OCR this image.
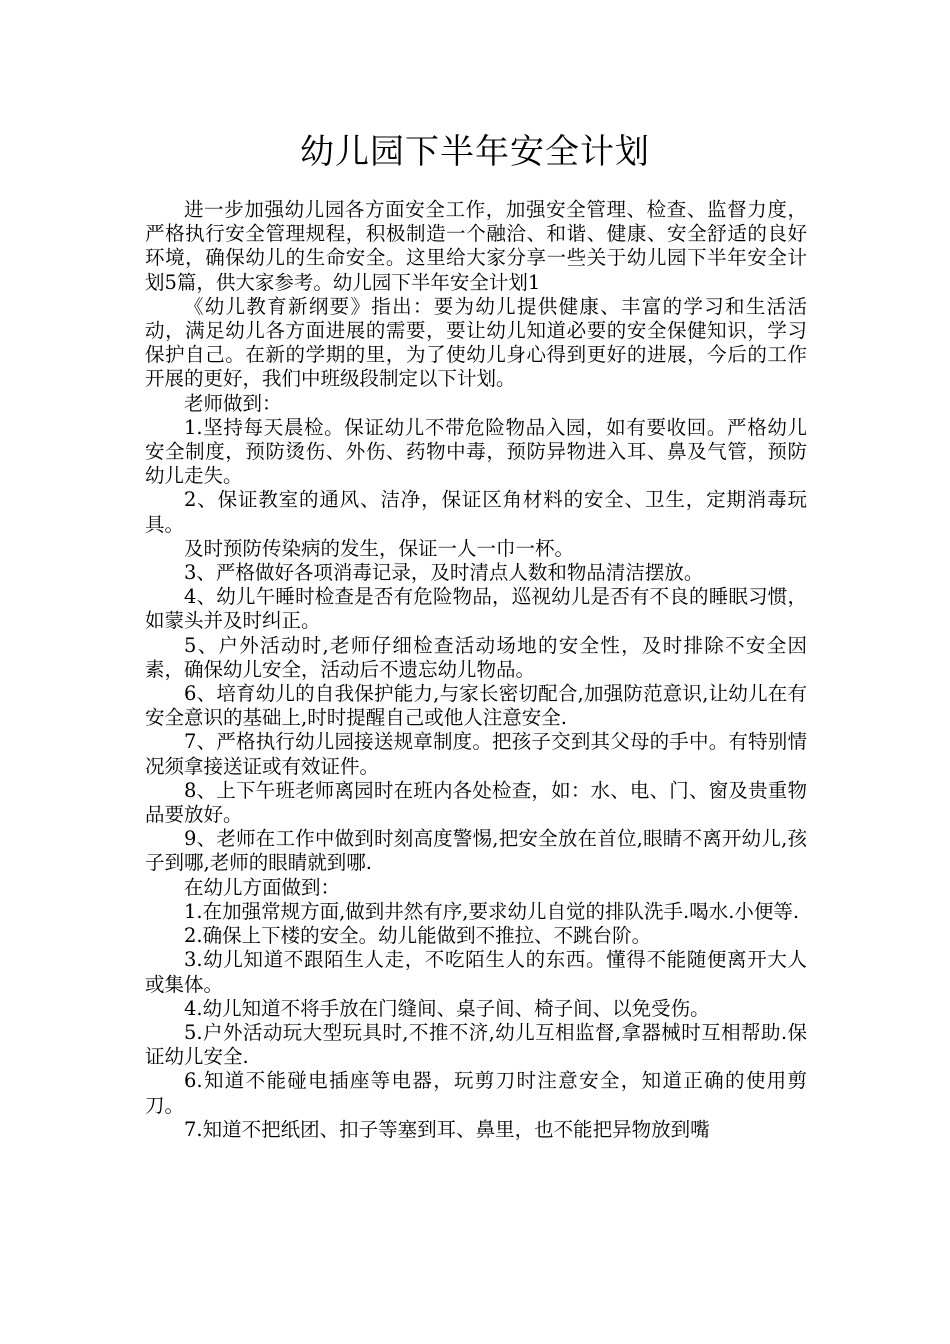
幼儿园下半年安全计划

进一步加强幼儿园各方面安全工作，加强安全管理、检查、监督力度，严格执行安全管理规程，积极制造一个融洽、和谐、健康、安全舒适的良好环境，确保幼儿的生命安全。这里给大家分享一些关于幼儿园下半年安全计划5篇，供大家参考。幼儿园下半年安全计划1

《幼儿教育新纲要》指出：要为幼儿提供健康、丰富的学习和生活活动，满足幼儿各方面进展的需要，要让幼儿知道必要的安全保健知识，学习保护自己。在新的学期的里，为了使幼儿身心得到更好的进展，今后的工作开展的更好，我们中班级段制定以下计划。

老师做到：

1.坚持每天晨检。保证幼儿不带危险物品入园，如有要收回。严格幼儿安全制度，预防烫伤、外伤、药物中毒，预防异物进入耳、鼻及气管，预防幼儿走失。

2、保证教室的通风、洁净，保证区角材料的安全、卫生，定期消毒玩具。

及时预防传染病的发生，保证一人一巾一杯。

3、严格做好各项消毒记录，及时清点人数和物品清洁摆放。

4、幼儿午睡时检查是否有危险物品，巡视幼儿是否有不良的睡眠习惯，如蒙头并及时纠正。

5、户外活动时,老师仔细检查活动场地的安全性，及时排除不安全因素，确保幼儿安全，活动后不遗忘幼儿物品。

6、培育幼儿的自我保护能力,与家长密切配合,加强防范意识,让幼儿在有安全意识的基础上,时时提醒自己或他人注意安全.

7、严格执行幼儿园接送规章制度。把孩子交到其父母的手中。有特别情况须拿接送证或有效证件。

8、上下午班老师离园时在班内各处检查，如：水、电、门、窗及贵重物品要放好。

9、老师在工作中做到时刻高度警惕,把安全放在首位,眼睛不离开幼儿,孩子到哪,老师的眼睛就到哪.

在幼儿方面做到：

1.在加强常规方面,做到井然有序,要求幼儿自觉的排队洗手.喝水.小便等.

2.确保上下楼的安全。幼儿能做到不推拉、不跳台阶。

3.幼儿知道不跟陌生人走，不吃陌生人的东西。懂得不能随便离开大人或集体。

4.幼儿知道不将手放在门缝间、桌子间、椅子间、以免受伤。

5.户外活动玩大型玩具时,不推不济,幼儿互相监督,拿器械时互相帮助.保证幼儿安全.

6.知道不能碰电插座等电器，玩剪刀时注意安全，知道正确的使用剪刀。

7.知道不把纸团、扣子等塞到耳、鼻里，也不能把异物放到嘴
